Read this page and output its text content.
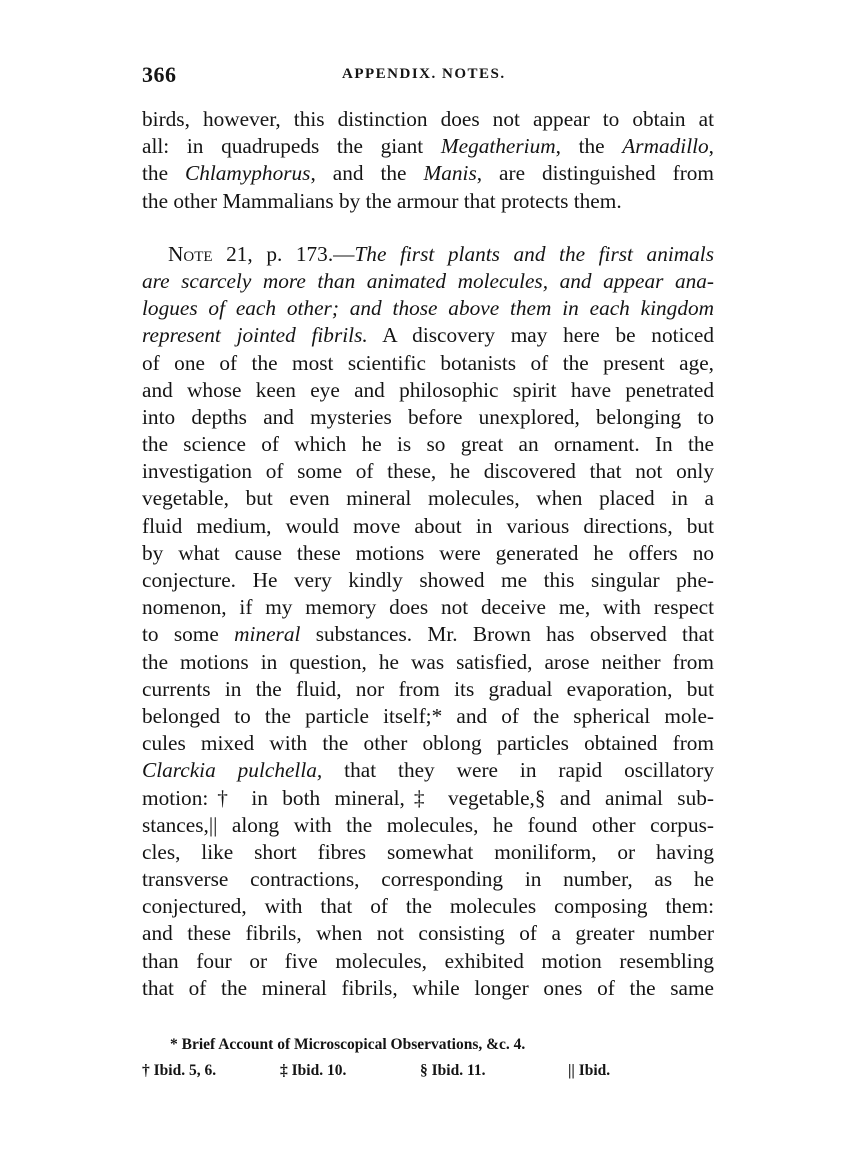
366	APPENDIX. NOTES.
birds, however, this distinction does not appear to obtain at
all: in quadrupeds the giant Megatherium, the Armadillo,
the Chlamyphorus, and the Manis, are distinguished from
the other Mammalians by the armour that protects them.
Note 21, p. 173.—The first plants and the first animals
are scarcely more than animated molecules, and appear ana-
logues of each other; and those above them in each kingdom
represent jointed fibrils. A discovery may here be noticed
of one of the most scientific botanists of the present age,
and whose keen eye and philosophic spirit have penetrated
into depths and mysteries before unexplored, belonging to
the science of which he is so great an ornament. In the
investigation of some of these, he discovered that not only
vegetable, but even mineral molecules, when placed in a
fluid medium, would move about in various directions, but
by what cause these motions were generated he offers no
conjecture. He very kindly showed me this singular phe-
nomenon, if my memory does not deceive me, with respect
to some mineral substances. Mr. Brown has observed that
the motions in question, he was satisfied, arose neither from
currents in the fluid, nor from its gradual evaporation, but
belonged to the particle itself;* and of the spherical mole-
cules mixed with the other oblong particles obtained from
Clarckia pulchella, that they were in rapid oscillatory
motion:† in both mineral,‡ vegetable,§ and animal sub-
stances,|| along with the molecules, he found other corpus-
cles, like short fibres somewhat moniliform, or having
transverse contractions, corresponding in number, as he
conjectured, with that of the molecules composing them:
and these fibrils, when not consisting of a greater number
than four or five molecules, exhibited motion resembling
that of the mineral fibrils, while longer ones of the same
* Brief Account of Microscopical Observations, &c. 4.
† Ibid. 5, 6.	‡ Ibid. 10.	§ Ibid. 11.	|| Ibid.
